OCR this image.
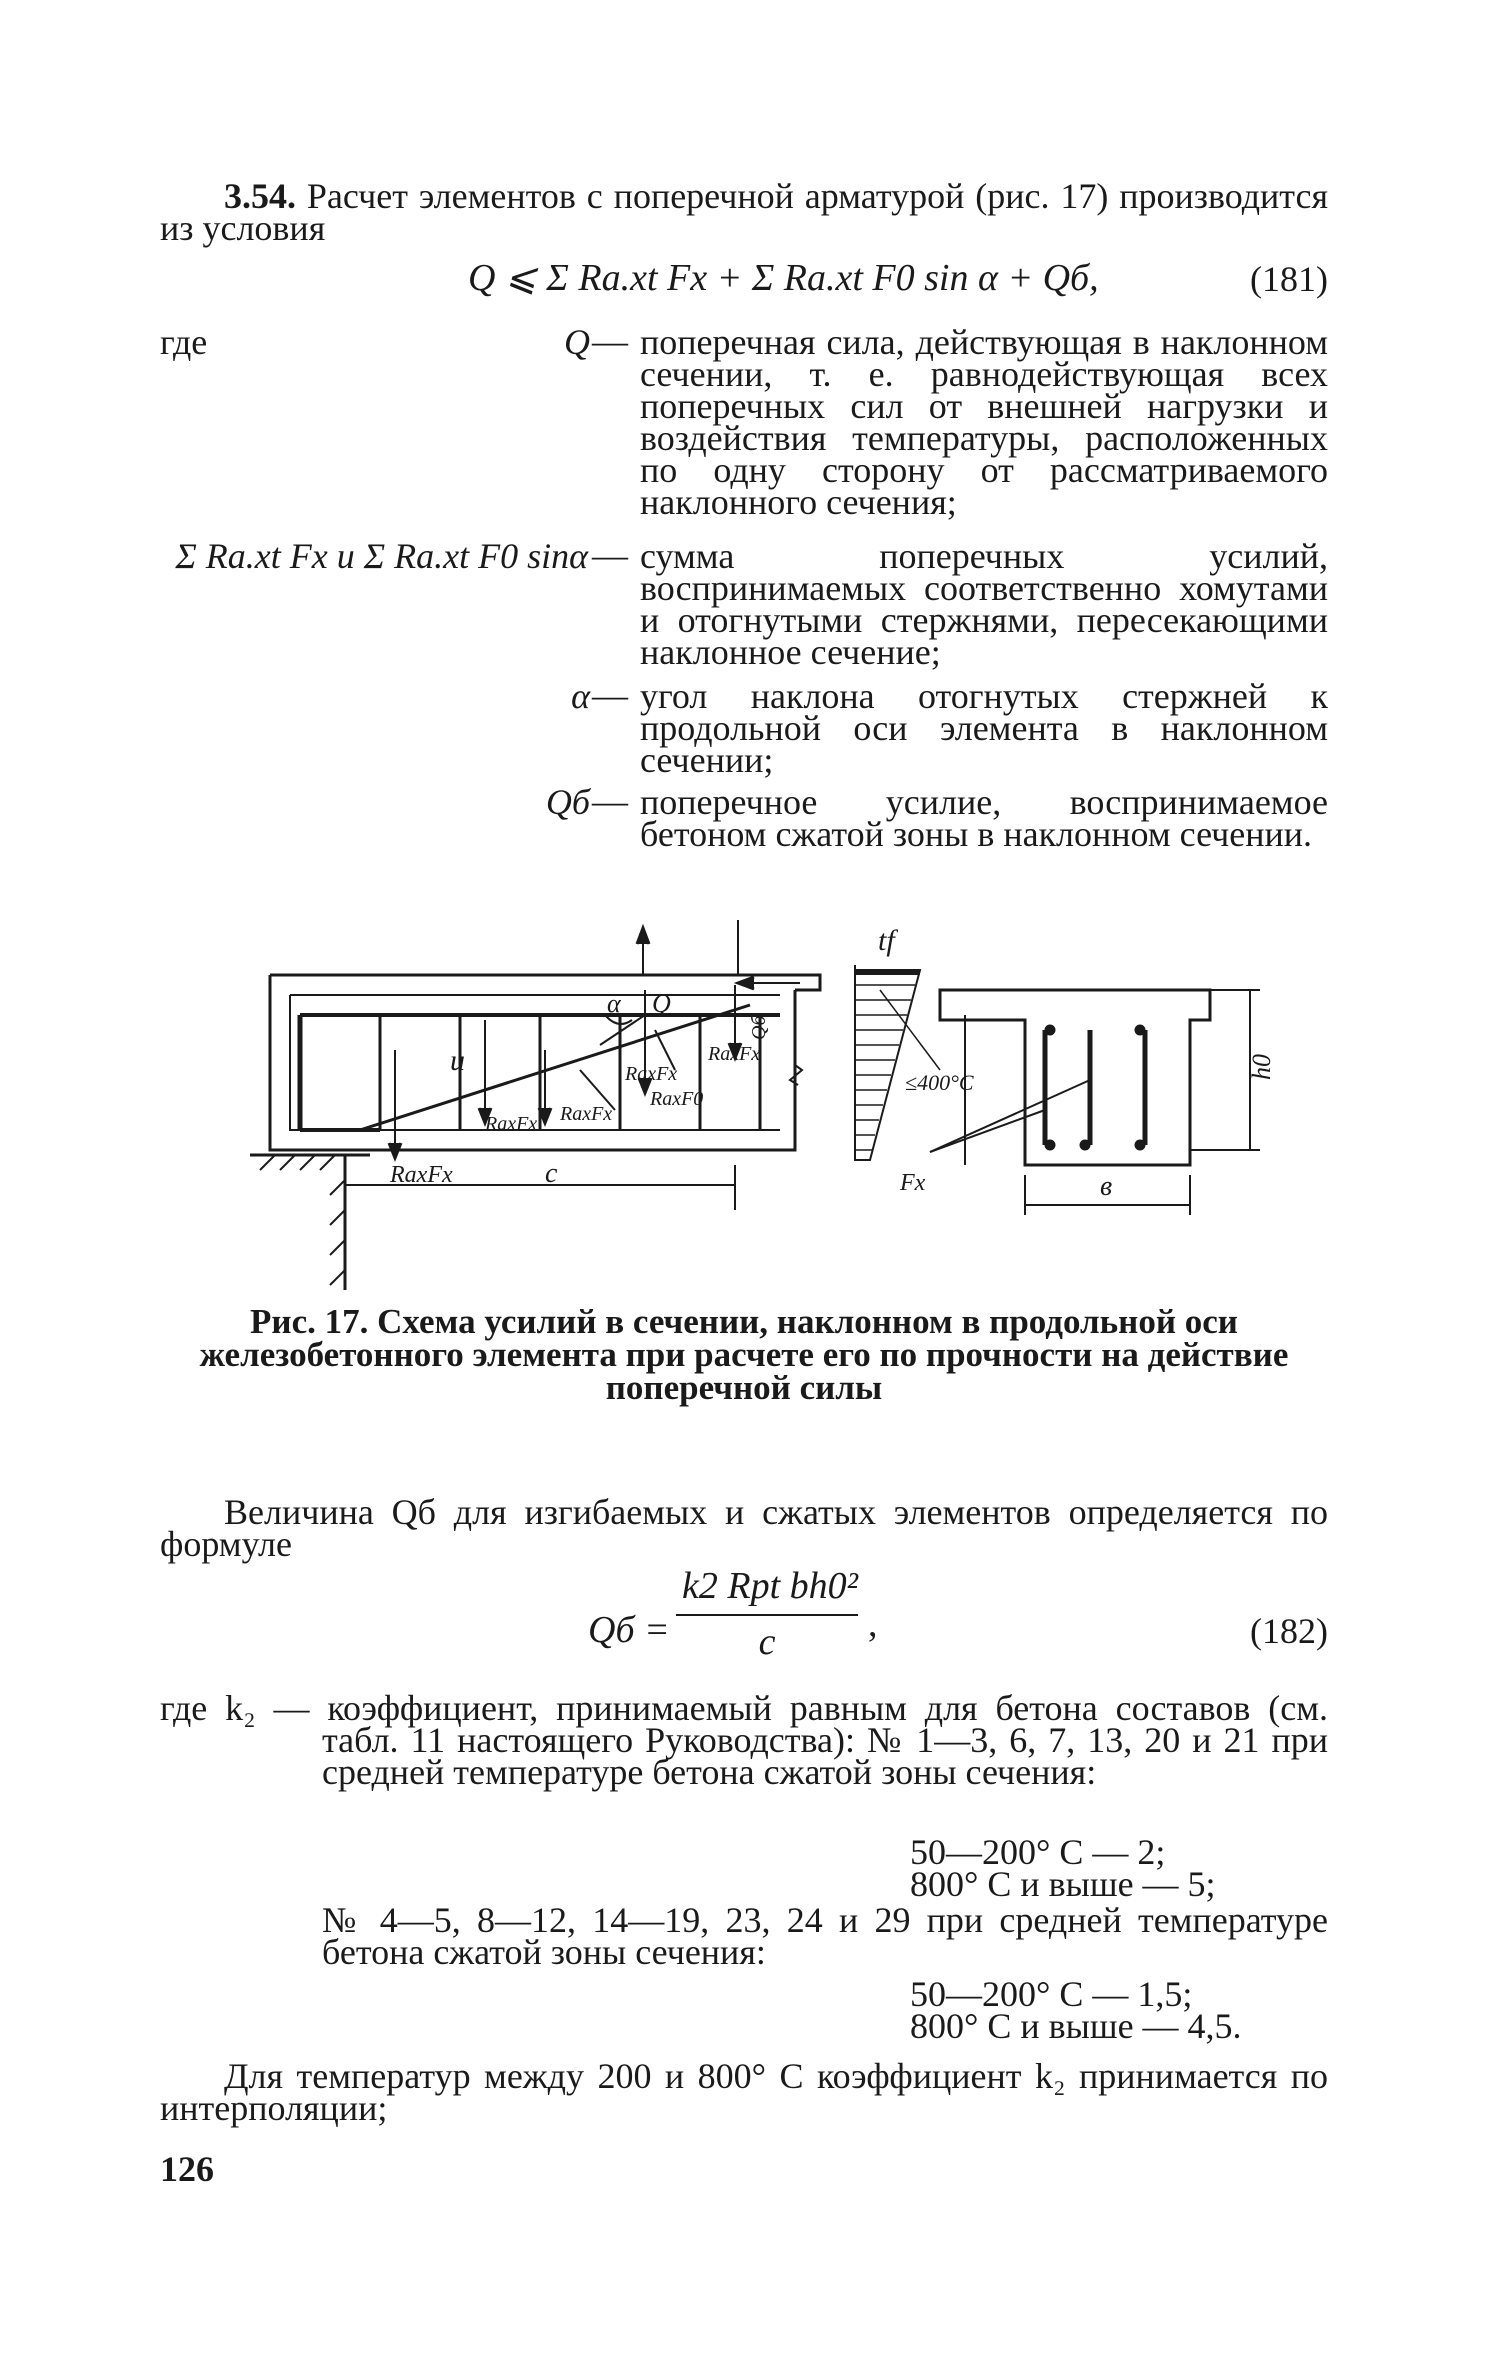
3.54. Расчет элементов с поперечной арматурой (рис. 17) производится из условия
Q ⩽ Σ Ra.xt Fx + Σ Ra.xt F0 sin α + Qб,	(181)
где	Q — поперечная сила, действующая в наклонном сечении, т. е. равнодействующая всех поперечных сил от внешней нагрузки и воздействия температуры, расположенных по одну сторону от рассматриваемого наклонного сечения;
Σ Ra.xt Fx и Σ Ra.xt F0 sinα — сумма поперечных усилий, воспринимаемых соответственно хомутами и отогнутыми стержнями, пересекающими наклонное сечение;
α — угол наклона отогнутых стержней к продольной оси элемента в наклонном сечении;
Qб — поперечное усилие, воспринимаемое бетоном сжатой зоны в наклонном сечении.
α
u
Q
Qб
RaxFx
RaxFx RaxFx
RaxFx
RaxF0
RaxFx	c
tf
≤400°C
h0
Fx	в
Рис. 17. Схема усилий в сечении, наклонном в продольной оси железобетонного элемента при расчете его по прочности на действие поперечной силы
Величина Qб для изгибаемых и сжатых элементов определяется по формуле
Qб =
k2 Rpt bh0²
c	,	(182)
где k₂ — коэффициент, принимаемый равным для бетона составов (см. табл. 11 настоящего Руководства): № 1—3, 6, 7, 13, 20 и 21 при средней температуре бетона сжатой зоны сечения:
50—200° С — 2;
800° С и выше — 5;
№ 4—5, 8—12, 14—19, 23, 24 и 29 при средней температуре бетона сжатой зоны сечения:
50—200° С — 1,5;
800° С и выше — 4,5.
Для температур между 200 и 800° С коэффициент k₂ принимается по интерполяции;
126
